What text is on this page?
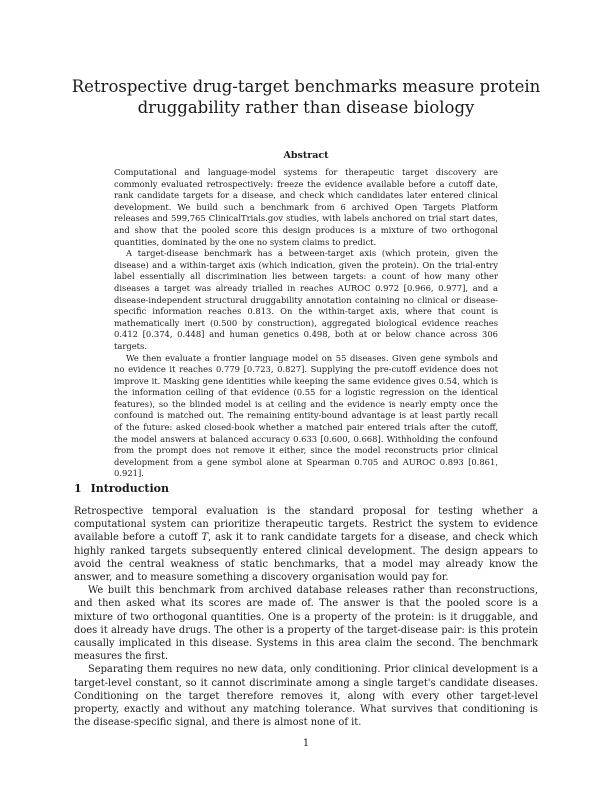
Retrospective drug-target benchmarks measure protein druggability rather than disease biology
Abstract

Computational and language-model systems for therapeutic target discovery are commonly evaluated retrospectively: freeze the evidence available before a cutoff date, rank candidate targets for a disease, and check which candidates later entered clinical development. We build such a benchmark from 6 archived Open Targets Platform releases and 599,765 ClinicalTrials.gov studies, with labels anchored on trial start dates, and show that the pooled score this design produces is a mixture of two orthogonal quantities, dominated by the one no system claims to predict.

A target-disease benchmark has a between-target axis (which protein, given the disease) and a within-target axis (which indication, given the protein). On the trial-entry label essentially all discrimination lies between targets: a count of how many other diseases a target was already trialled in reaches AUROC 0.972 [0.966, 0.977], and a disease-independent structural druggability annotation containing no clinical or disease-specific information reaches 0.813. On the within-target axis, where that count is mathematically inert (0.500 by construction), aggregated biological evidence reaches 0.412 [0.374, 0.448] and human genetics 0.498, both at or below chance across 306 targets.

We then evaluate a frontier language model on 55 diseases. Given gene symbols and no evidence it reaches 0.779 [0.723, 0.827]. Supplying the pre-cutoff evidence does not improve it. Masking gene identities while keeping the same evidence gives 0.54, which is the information ceiling of that evidence (0.55 for a logistic regression on the identical features), so the blinded model is at ceiling and the evidence is nearly empty once the confound is matched out. The remaining entity-bound advantage is at least partly recall of the future: asked closed-book whether a matched pair entered trials after the cutoff, the model answers at balanced accuracy 0.633 [0.600, 0.668]. Withholding the confound from the prompt does not remove it either, since the model reconstructs prior clinical development from a gene symbol alone at Spearman 0.705 and AUROC 0.893 [0.861, 0.921].

1 Introduction

Retrospective temporal evaluation is the standard proposal for testing whether a computational system can prioritize therapeutic targets. Restrict the system to evidence available before a cutoff T, ask it to rank candidate targets for a disease, and check which highly ranked targets subsequently entered clinical development. The design appears to avoid the central weakness of static benchmarks, that a model may already know the answer, and to measure something a discovery organisation would pay for.

We built this benchmark from archived database releases rather than reconstructions, and then asked what its scores are made of. The answer is that the pooled score is a mixture of two orthogonal quantities. One is a property of the protein: is it druggable, and does it already have drugs. The other is a property of the target-disease pair: is this protein causally implicated in this disease. Systems in this area claim the second. The benchmark measures the first.

Separating them requires no new data, only conditioning. Prior clinical development is a target-level constant, so it cannot discriminate among a single target's candidate diseases. Conditioning on the target therefore removes it, along with every other target-level property, exactly and without any matching tolerance. What survives that conditioning is the disease-specific signal, and there is almost none of it.

1
